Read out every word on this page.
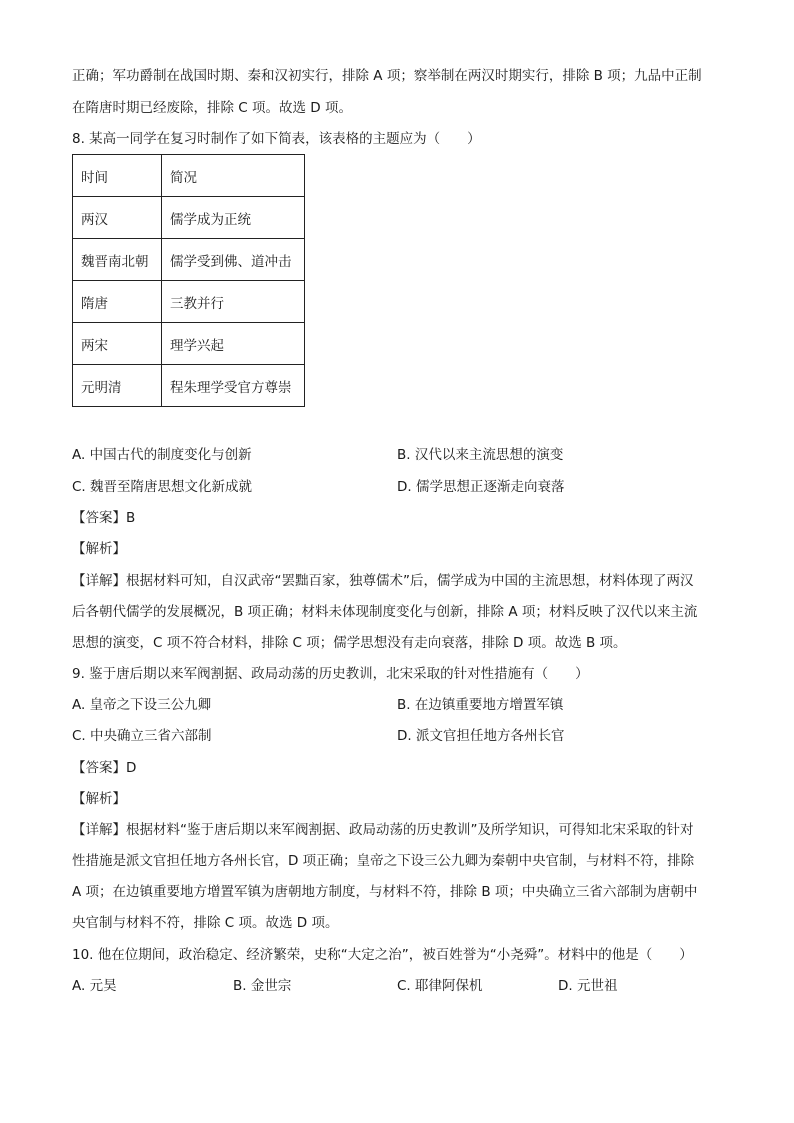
正确；军功爵制在战国时期、秦和汉初实行，排除 A 项；察举制在两汉时期实行，排除 B 项；九品中正制
在隋唐时期已经废除，排除 C 项。故选 D 项。
8. 某高一同学在复习时制作了如下简表，该表格的主题应为（　　）
时间	简况
两汉	儒学成为正统
魏晋南北朝	儒学受到佛、道冲击
隋唐	三教并行
两宋	理学兴起
元明清	程朱理学受官方尊崇
A. 中国古代的制度变化与创新	B. 汉代以来主流思想的演变
C. 魏晋至隋唐思想文化新成就	D. 儒学思想正逐渐走向衰落
【答案】B
【解析】
【详解】根据材料可知，自汉武帝“罢黜百家，独尊儒术”后，儒学成为中国的主流思想，材料体现了两汉
后各朝代儒学的发展概况，B 项正确；材料未体现制度变化与创新，排除 A 项；材料反映了汉代以来主流
思想的演变，C 项不符合材料，排除 C 项；儒学思想没有走向衰落，排除 D 项。故选 B 项。
9. 鉴于唐后期以来军阀割据、政局动荡的历史教训，北宋采取的针对性措施有（　　）
A. 皇帝之下设三公九卿	B. 在边镇重要地方增置军镇
C. 中央确立三省六部制	D. 派文官担任地方各州长官
【答案】D
【解析】
【详解】根据材料“鉴于唐后期以来军阀割据、政局动荡的历史教训”及所学知识，可得知北宋采取的针对
性措施是派文官担任地方各州长官，D 项正确；皇帝之下设三公九卿为秦朝中央官制，与材料不符，排除
A 项；在边镇重要地方增置军镇为唐朝地方制度，与材料不符，排除 B 项；中央确立三省六部制为唐朝中
央官制与材料不符，排除 C 项。故选 D 项。
10. 他在位期间，政治稳定、经济繁荣，史称“大定之治”，被百姓誉为“小尧舜”。材料中的他是（　　）
A. 元昊	B. 金世宗	C. 耶律阿保机	D. 元世祖
